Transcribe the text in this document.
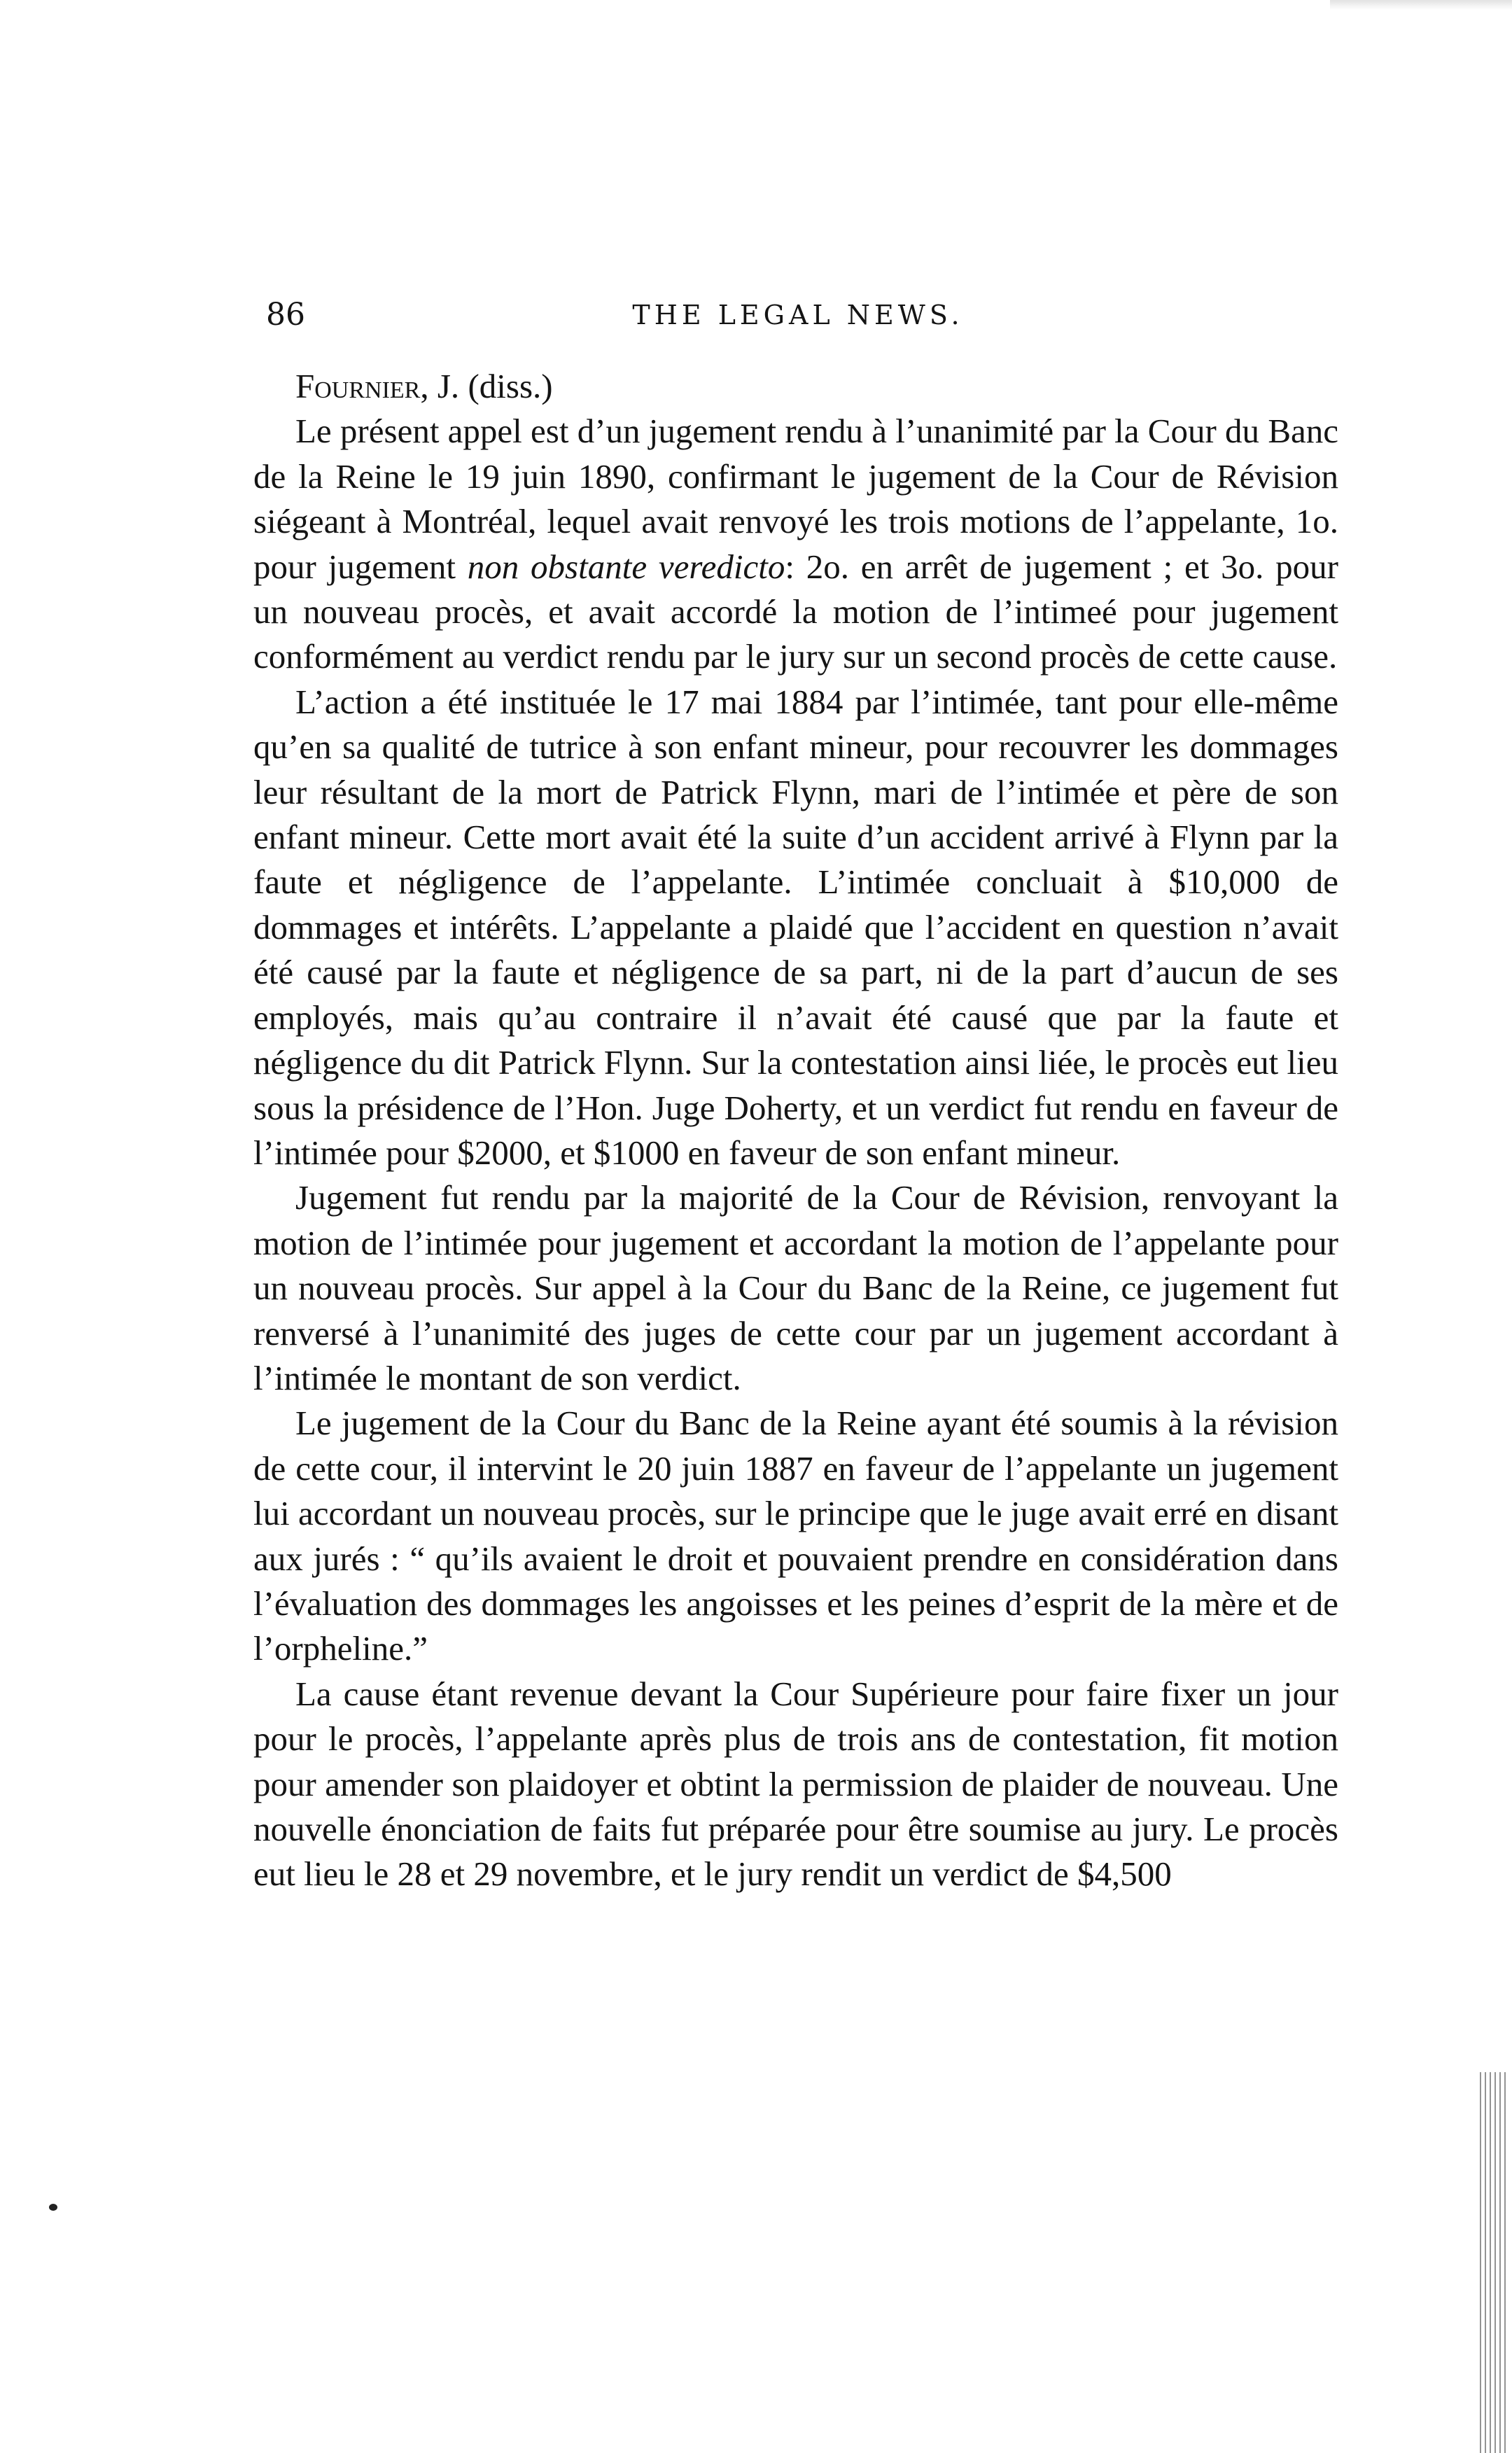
86	THE LEGAL NEWS.

Fournier, J. (diss.)

Le présent appel est d’un jugement rendu à l’unanimité par la Cour du Banc de la Reine le 19 juin 1890, confirmant le jugement de la Cour de Révision siégeant à Montréal, lequel avait renvoyé les trois motions de l’appelante, 1o. pour jugement non obstante veredicto: 2o. en arrêt de jugement ; et 3o. pour un nouveau procès, et avait accordé la motion de l’intimeé pour jugement conformément au verdict rendu par le jury sur un second procès de cette cause.

L’action a été instituée le 17 mai 1884 par l’intimée, tant pour elle-même qu’en sa qualité de tutrice à son enfant mineur, pour recouvrer les dommages leur résultant de la mort de Patrick Flynn, mari de l’intimée et père de son enfant mineur. Cette mort avait été la suite d’un accident arrivé à Flynn par la faute et négligence de l’appelante. L’intimée concluait à $10,000 de dommages et intérêts. L’appelante a plaidé que l’accident en question n’avait été causé par la faute et négligence de sa part, ni de la part d’aucun de ses employés, mais qu’au contraire il n’avait été causé que par la faute et négligence du dit Patrick Flynn. Sur la contestation ainsi liée, le procès eut lieu sous la présidence de l’Hon. Juge Doherty, et un verdict fut rendu en faveur de l’intimée pour $2000, et $1000 en faveur de son enfant mineur.

Jugement fut rendu par la majorité de la Cour de Révision, renvoyant la motion de l’intimée pour jugement et accordant la motion de l’appelante pour un nouveau procès. Sur appel à la Cour du Banc de la Reine, ce jugement fut renversé à l’unanimité des juges de cette cour par un jugement accordant à l’intimée le montant de son verdict.

Le jugement de la Cour du Banc de la Reine ayant été soumis à la révision de cette cour, il intervint le 20 juin 1887 en faveur de l’appelante un jugement lui accordant un nouveau procès, sur le principe que le juge avait erré en disant aux jurés : “ qu’ils avaient le droit et pouvaient prendre en considération dans l’évaluation des dommages les angoisses et les peines d’esprit de la mère et de l’orpheline.”

La cause étant revenue devant la Cour Supérieure pour faire fixer un jour pour le procès, l’appelante après plus de trois ans de contestation, fit motion pour amender son plaidoyer et obtint la permission de plaider de nouveau. Une nouvelle énonciation de faits fut préparée pour être soumise au jury. Le procès eut lieu le 28 et 29 novembre, et le jury rendit un verdict de $4,500
